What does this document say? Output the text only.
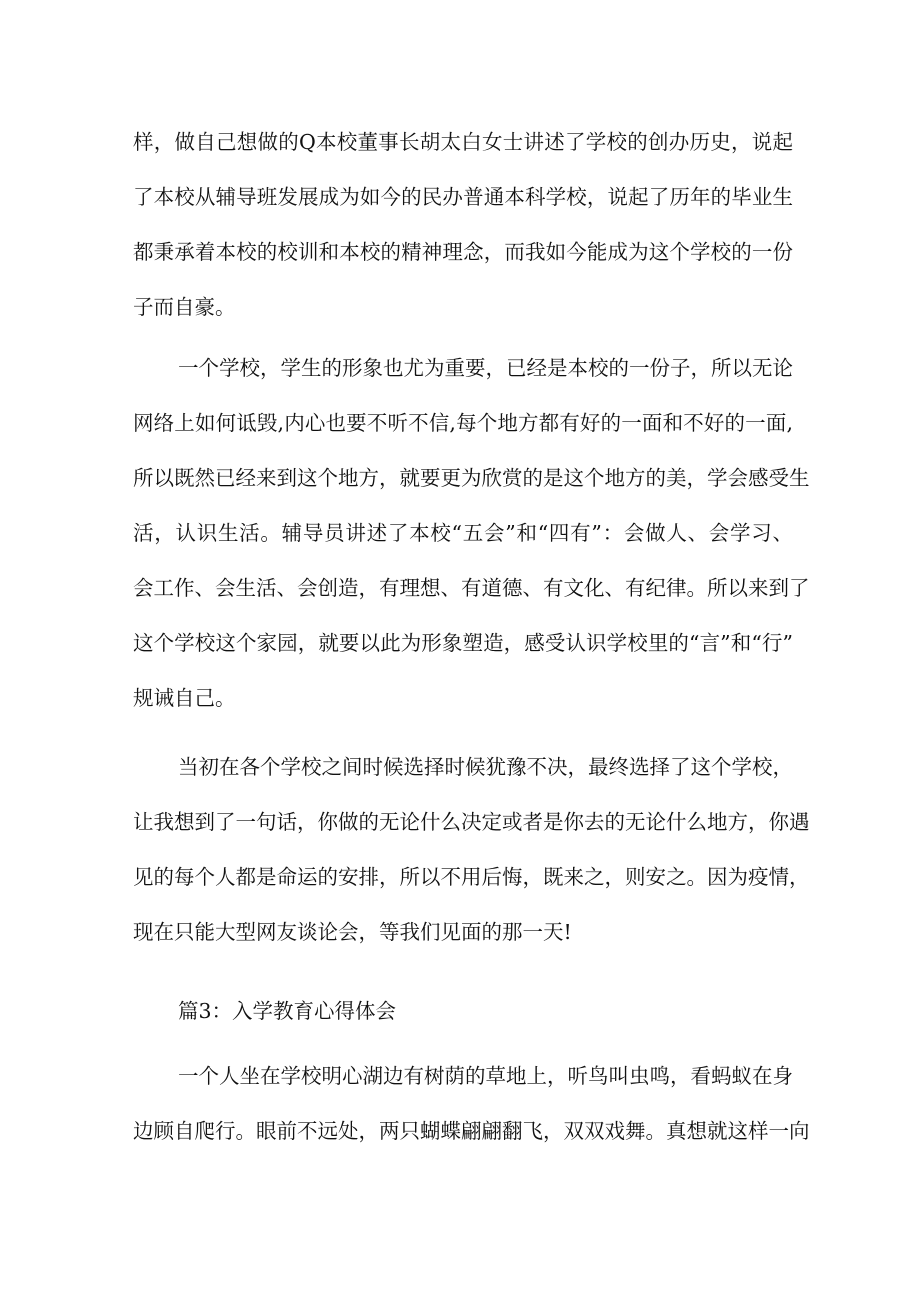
样，做自己想做的Q本校董事长胡太白女士讲述了学校的创办历史，说起
了本校从辅导班发展成为如今的民办普通本科学校，说起了历年的毕业生
都秉承着本校的校训和本校的精神理念，而我如今能成为这个学校的一份
子而自豪。
一个学校，学生的形象也尤为重要，已经是本校的一份子，所以无论
网络上如何诋毁,内心也要不听不信,每个地方都有好的一面和不好的一面,
所以既然已经来到这个地方，就要更为欣赏的是这个地方的美，学会感受生
活，认识生活。辅导员讲述了本校“五会”和“四有”：会做人、会学习、
会工作、会生活、会创造，有理想、有道德、有文化、有纪律。所以来到了
这个学校这个家园，就要以此为形象塑造，感受认识学校里的“言”和“行”
规诫自己。
当初在各个学校之间时候选择时候犹豫不决，最终选择了这个学校，
让我想到了一句话，你做的无论什么决定或者是你去的无论什么地方，你遇
见的每个人都是命运的安排，所以不用后悔，既来之，则安之。因为疫情，
现在只能大型网友谈论会，等我们见面的那一天!
篇3：入学教育心得体会
一个人坐在学校明心湖边有树荫的草地上，听鸟叫虫鸣，看蚂蚁在身
边顾自爬行。眼前不远处，两只蝴蝶翩翩翻飞，双双戏舞。真想就这样一向
